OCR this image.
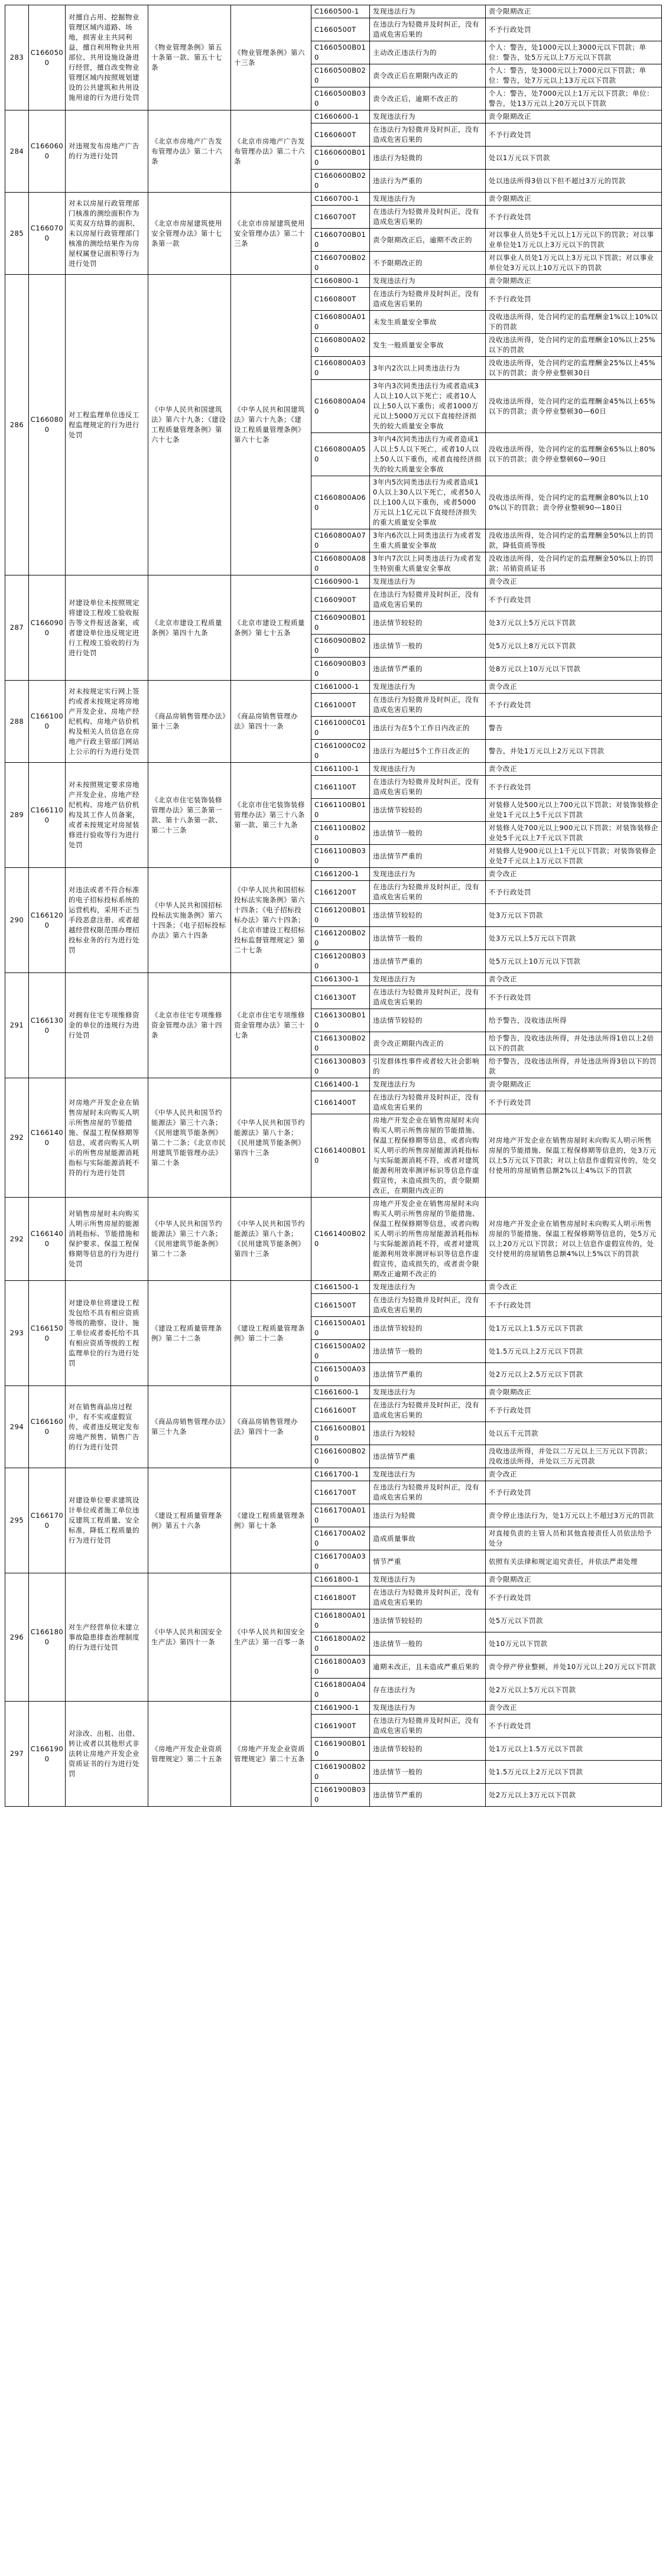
283	C1660500	对擅自占用、挖掘物业管理区域内道路、场地，损害业主共同利益，擅自利用物业共用部位、共用设施设备进行经营，擅自改变物业管理区域内按照规划建设的公共建筑和共用设施用途的行为进行处罚	《物业管理条例》第五十条第一款、第五十七条	《物业管理条例》第六十三条	C1660500-1	发现违法行为	责令限期改正
					C1660500T	在违法行为轻微并及时纠正，没有造成危害后果的	不予行政处罚
					C1660500B010	主动改正违法行为的	个人：警告，处1000元以上3000元以下罚款；单位：警告，处5万元以上7万元以下罚款
					C1660500B020	责令改正后在期限内改正的	个人：警告，处3000元以上7000元以下罚款；单位：警告，处7万元以上13万元以下罚款
					C1660500B030	责令改正后，逾期不改正的	个人：警告，处7000元以上1万元以下罚款；单位：警告，处13万元以上20万元以下罚款
284	C1660600	对违规发布房地产广告的行为进行处罚	《北京市房地产广告发布管理办法》第二十六条	《北京市房地产广告发布管理办法》第二十六条	C1660600-1	发现违法行为	责令限期改正
					C1660600T	在违法行为轻微并及时纠正，没有造成危害后果的	不予行政处罚
					C1660600B010	违法行为轻微的	处以1万元以下罚款
					C1660600B020	违法行为严重的	处以违法所得3倍以下但不超过3万元的罚款
285	C1660700	对未以房屋行政管理部门核准的测绘面积作为买卖双方结算的面积、未以房屋行政管理部门核准的测绘结果作为房屋权属登记面积等行为进行处罚	《北京市房屋建筑使用安全管理办法》第十七条第一款	《北京市房屋建筑使用安全管理办法》第二十三条	C1660700-1	发现违法行为	责令限期改正
					C1660700T	在违法行为轻微并及时纠正，没有造成危害后果的	不予行政处罚
					C1660700B010	责令限期改正后，逾期不改正的	对以事业人员处5千元以上1万元以下的罚款；对以事业单位处1万元以上3万元以下的罚款
					C1660700B020	不予限期改正的	对以事业人员处1万元以上3万元以下罚款；对以事业单位处3万元以上10万元以下的罚款
286	C1660800	对工程监理单位违反工程监理规定的行为进行处罚	《中华人民共和国建筑法》第六十九条；《建设工程质量管理条例》第六十七条	《中华人民共和国建筑法》第六十九条；《建设工程质量管理条例》第六十七条	C1660800-1	发现违法行为	责令限期改正
					C1660800T	在违法行为轻微并及时纠正，没有造成危害后果的	不予行政处罚
					C1660800A010	未发生质量安全事故	没收违法所得，处合同约定的监理酬金1%以上10%以下的罚款
					C1660800A020	发生一般质量安全事故	没收违法所得，处合同约定的监理酬金10%以上25%以下的罚款
					C1660800A030	3年内2次以上同类违法行为	没收违法所得，处合同约定的监理酬金25%以上45%以下的罚款；责令停业整顿30日
					C1660800A040	3年内3次同类违法行为或者造成3人以上10人以下死亡；或者10人以上50人以下重伤；或者1000万元以上5000万元以下直接经济损失的较大质量安全事故	没收违法所得，处合同约定的监理酬金45%以上65%以下的罚款；责令停业整顿30—60日
					C1660800A050	3年内4次同类违法行为或者造成1人以上5人以下死亡，或者10人以上50人以下重伤，或者直接经济损失的较大质量安全事故	没收违法所得，处合同约定的监理酬金65%以上80%以下的罚款；责令停业整顿60—90日
					C1660800A060	3年内5次同类违法行为或者造成10人以上30人以下死亡，或者50人以上100人以下重伤，或者5000万元以上1亿元以下直接经济损失的重大质量安全事故	没收违法所得，处合同约定的监理酬金80%以上100%以下的罚款；责令停业整顿90—180日
					C1660800A070	3年内6次以上同类违法行为或者发生重大质量安全事故	没收违法所得，处合同约定的监理酬金50%以上的罚款，降低资质等级
					C1660800A080	3年内7次以上同类违法行为或者发生特别重大质量安全事故	没收违法所得，处合同约定的监理酬金50%以上的罚款；吊销资质证书
287	C1660900	对建设单位未按照规定将建设工程竣工验收报告等文件报送备案，或者建设单位违反规定进行工程竣工验收的行为进行处罚	《北京市建设工程质量条例》第四十九条	《北京市建设工程质量条例》第七十五条	C1660900-1	发现违法行为	责令改正
					C1660900T	在违法行为轻微并及时纠正，没有造成危害后果的	不予行政处罚
					C1660900B010	违法情节较轻的	处3万元以上5万元以下罚款
					C1660900B020	违法情节一般的	处5万元以上8万元以下罚款
					C1660900B030	违法情节严重的	处8万元以上10万元以下罚款
288	C1661000	对未按规定实行网上签约或者未按规定将房地产开发企业、房地产经纪机构、房地产估价机构及相关人员信息在房地产行政主管部门网站上公示的行为进行处罚	《商品房销售管理办法》第十三条	《商品房销售管理办法》第四十一条	C1661000-1	发现违法行为	责令改正
					C1661000T	在违法行为轻微并及时纠正，没有造成危害后果的	不予行政处罚
					C1661000C010	违法行为在5个工作日内改正的	警告
					C1661000C020	违法行为超过5个工作日改正的	警告，并处1万元以上2万元以下罚款
289	C1661100	对未按照规定要求房地产开发企业、房地产经纪机构、房地产估价机构及其工作人员备案，或者未按规定对房屋装修进行验收等行为进行处罚	《北京市住宅装饰装修管理办法》第三条第一款、第十八条第一款、第二十三条	《北京市住宅装饰装修管理办法》第三十八条第一款、第三十九条	C1661100-1	发现违法行为	责令改正
					C1661100T	在违法行为轻微并及时纠正，没有造成危害后果的	不予行政处罚
					C1661100B010	违法情节较轻的	对装修人处500元以上700元以下罚款；对装饰装修企业处1千元以上5千元以下罚款
					C1661100B020	违法情节一般的	对装修人处700元以上900元以下罚款；对装饰装修企业处5千元以上7千元以下罚款
					C1661100B030	违法情节严重的	对装修人处900元以上1千元以下罚款；对装饰装修企业处7千元以上1万元以下罚款
290	C1661200	对违法或者不符合标准的电子招标投标系统的运营机构，采用不正当手段恶意注册、或者超越经营权限范围办理招投标业务的行为进行处罚	《中华人民共和国招标投标法实施条例》第六十四条；《电子招标投标办法》第六十四条	《中华人民共和国招标投标法实施条例》第六十四条；《电子招标投标办法》第六十四条；《北京市建设工程招标投标监督管理规定》第二十七条	C1661200-1	发现违法行为	责令改正
					C1661200T	在违法行为轻微并及时纠正，没有造成危害后果的	不予行政处罚
					C1661200B010	违法情节较轻的	处3万元以下罚款
					C1661200B020	违法情节一般的	处3万元以上5万元以下罚款
					C1661200B030	违法情节严重的	处5万元以上10万元以下罚款
291	C1661300	对拥有住宅专项维修资金的单位的违规行为进行处罚	《北京市住宅专项维修资金管理办法》第十四条	《北京市住宅专项维修资金管理办法》第三十七条	C1661300-1	发现违法行为	责令改正
					C1661300T	在违法行为轻微并及时纠正，没有造成危害后果的	不予行政处罚
					C1661300B010	违法情节较轻的	给予警告，没收违法所得
					C1661300B020	责令改正期限内改正的	给予警告，没收违法所得，并处违法所得1倍以上2倍以下的罚款
					C1661300B030	引发群体性事件或者较大社会影响的	给予警告，没收违法所得，并处违法所得3倍以下的罚款
292	C1661400	对房地产开发企业在销售房屋时未向购买人明示所售房屋的节能措施、保温工程保修期等信息，或者向购买人明示的所售房屋能源消耗指标与实际能源消耗不符的行为进行处罚	《中华人民共和国节约能源法》第三十六条；《民用建筑节能条例》第二十二条；《北京市民用建筑节能管理办法》第二十条	《中华人民共和国节约能源法》第八十条；《民用建筑节能条例》第四十三条	C1661400-1	发现违法行为	责令限期改正
					C1661400T	在违法行为轻微并及时纠正，没有造成危害后果的	不予行政处罚
					C1661400B010	房地产开发企业在销售房屋时未向购买人明示所售房屋的节能措施、保温工程保修期等信息，或者向购买人明示的所售房屋能源消耗指标与实际能源消耗不符，或者对建筑能源利用效率测评标识等信息作虚假宣传，未造成损失的，责令限期改正，在期限内改正的	对房地产开发企业在销售房屋时未向购买人明示所售房屋的节能措施、保温工程保修期等信息的，处3万元以上5万元以下罚款；对以上信息作虚假宣传的，处交付使用的房屋销售总额2%以上4%以下的罚款
292	C1661400	对销售房屋时未向购买人明示所售房屋的能源消耗指标、节能措施和保护要求、保温工程保修期等信息的行为进行处罚	《中华人民共和国节约能源法》第三十六条；《民用建筑节能条例》第二十二条	《中华人民共和国节约能源法》第八十条；《民用建筑节能条例》第四十三条	C1661400B020	房地产开发企业在销售房屋时未向购买人明示所售房屋的节能措施、保温工程保修期等信息，或者向购买人明示的所售房屋能源消耗指标与实际能源消耗不符，或者对建筑能源利用效率测评标识等信息作虚假宣传，造成损失的，或者责令限期改正逾期不改正的	对房地产开发企业在销售房屋时未向购买人明示所售房屋的节能措施、保温工程保修期等信息的，处5万元以上20万元以下罚款；对以上信息作虚假宣传的，处交付使用的房屋销售总额4%以上5%以下的罚款
293	C1661500	对建设单位将建设工程发包给不具有相应资质等级的勘察、设计、施工单位或者委托给不具有相应资质等级的工程监理单位的行为进行处罚	《建设工程质量管理条例》第二十二条	《建设工程质量管理条例》第二十二条	C1661500-1	发现违法行为	责令改正
					C1661500T	在违法行为轻微并及时纠正，没有造成危害后果的	不予行政处罚
					C1661500A010	违法情节较轻的	处1万元以上1.5万元以下罚款
					C1661500A020	违法情节一般的	处1.5万元以上2万元以下罚款
					C1661500A030	违法情节严重的	处2万元以上2.5万元以下罚款
294	C1661600	对在销售商品房过程中，有不实或虚假宣传，或者违反规定发布房地产预售、销售广告的行为进行处罚	《商品房销售管理办法》第三十九条	《商品房销售管理办法》第四十一条	C1661600-1	发现违法行为	责令限期改正
					C1661600T	在违法行为轻微并及时纠正，没有造成危害后果的	不予行政处罚
					C1661600B010	违法行为较轻	处以五千元罚款
					C1661600B020	违法情节严重	没收违法所得，并处以二万元以上三万元以下罚款；没收违法所得，并处以三万元罚款
295	C1661700	对建设单位要求建筑设计单位或者施工单位违反建筑工程质量、安全标准，降低工程质量的行为进行处罚	《建设工程质量管理条例》第五十六条	《建设工程质量管理条例》第七十条	C1661700-1	发现违法行为	责令改正
					C1661700T	在违法行为轻微并及时纠正，没有造成危害后果的	不予行政处罚
					C1661700A010	违法行为轻微	责令停止违法行为，处1万元以上不超过3万元的罚款
					C1661700A020	造成质量事故	对直接负责的主管人员和其他直接责任人员依法给予处分
					C1661700A030	情节严重	依照有关法律和规定追究责任，并依法严肃处理
296	C1661800	对生产经营单位未建立事故隐患排查治理制度的行为进行处罚	《中华人民共和国安全生产法》第四十一条	《中华人民共和国安全生产法》第一百零一条	C1661800-1	发现违法行为	责令限期改正
					C1661800T	在违法行为轻微并及时纠正，没有造成危害后果的	不予行政处罚
					C1661800A010	违法情节较轻的	处5万元以下罚款
					C1661800A020	违法情节一般的	处10万元以下罚款
					C1661800A030	逾期未改正，且未造成严重后果的	责令停产停业整顿，并处10万元以上20万元以下罚款
					C1661800A040	存在违法行为	处2万元以上5万元以下罚款
297	C1661900	对涂改、出租、出借、转让或者以其他形式非法转让房地产开发企业资质证书的行为进行处罚	《房地产开发企业资质管理规定》第二十五条	《房地产开发企业资质管理规定》第二十五条	C1661900-1	发现违法行为	责令改正
					C1661900T	在违法行为轻微并及时纠正，没有造成危害后果的	不予行政处罚
					C1661900B010	违法情节较轻的	处1万元以上1.5万元以下罚款
					C1661900B020	违法情节一般的	处1.5万元以上2万元以下罚款
					C1661900B030	违法情节严重的	处2万元以上3万元以下罚款
